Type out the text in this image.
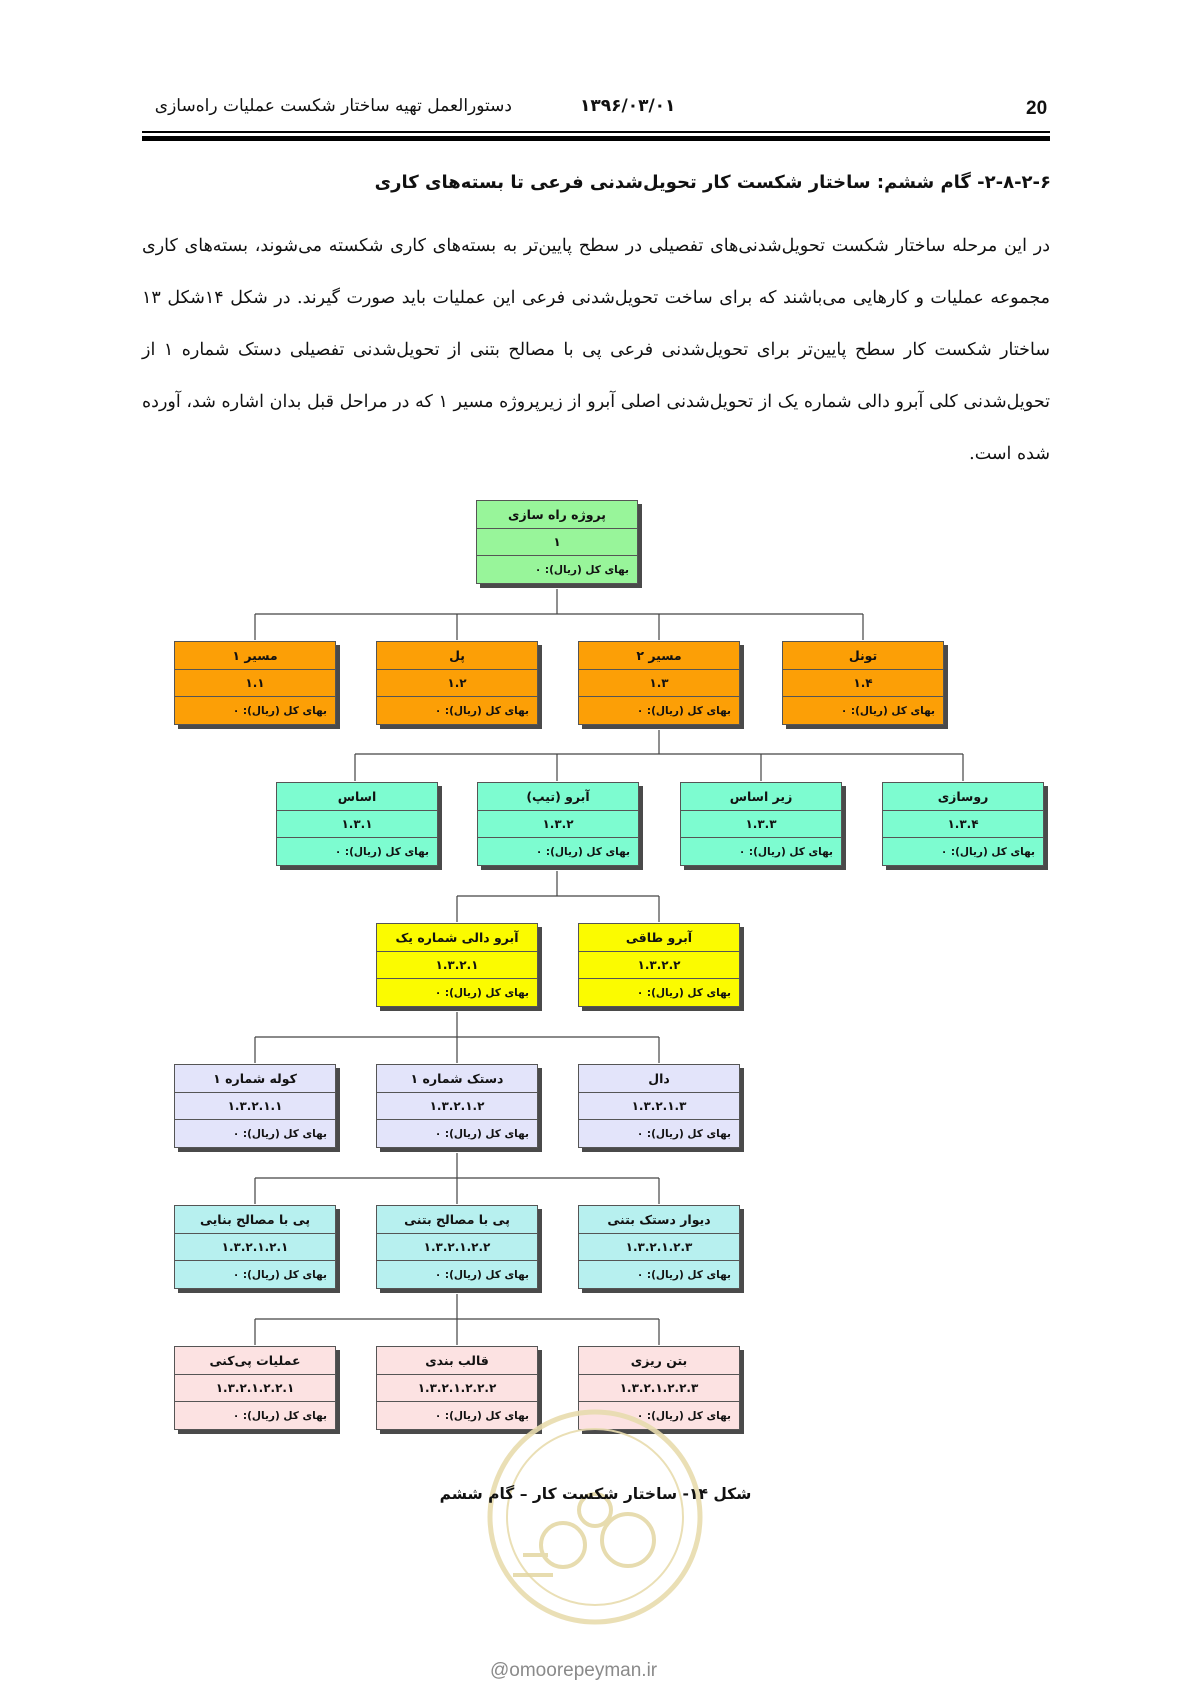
20
۱۳۹۶/۰۳/۰۱
دستورالعمل تهیه ساختار شکست عملیات راه‌سازی
۲-۸-۲-۶- گام ششم: ساختار شکست کار تحویل‌شدنی فرعی تا بسته‌های کاری

در این مرحله ساختار شکست تحویل‌شدنی‌های تفصیلی در سطح پایین‌تر به بسته‌های کاری شکسته می‌شوند، بسته‌های کاری مجموعه عملیات و کارهایی می‌باشند که برای ساخت تحویل‌شدنی فرعی این عملیات باید صورت گیرند. در شکل ۱۴شکل ۱۳ ساختار شکست کار سطح پایین‌تر برای تحویل‌شدنی فرعی پی با مصالح بتنی از تحویل‌شدنی تفصیلی دستک شماره ۱ از تحویل‌شدنی کلی آبرو دالی شماره یک از تحویل‌شدنی اصلی آبرو از زیرپروژه مسیر ۱ که در مراحل قبل بدان اشاره شد، آورده شده است.

پروژه راه سازی
۱
بهای کل (ریال): ۰
مسیر ۱
۱.۱
بهای کل (ریال): ۰
پل
۱.۲
بهای کل (ریال): ۰
مسیر ۲
۱.۳
بهای کل (ریال): ۰
تونل
۱.۴
بهای کل (ریال): ۰
اساس
۱.۳.۱
بهای کل (ریال): ۰
آبرو (تیپ)
۱.۳.۲
بهای کل (ریال): ۰
زیر اساس
۱.۳.۳
بهای کل (ریال): ۰
روسازی
۱.۳.۴
بهای کل (ریال): ۰
آبرو دالی شماره یک
۱.۳.۲.۱
بهای کل (ریال): ۰
آبرو طاقی
۱.۳.۲.۲
بهای کل (ریال): ۰
کوله شماره ۱
۱.۳.۲.۱.۱
بهای کل (ریال): ۰
دستک شماره ۱
۱.۳.۲.۱.۲
بهای کل (ریال): ۰
دال
۱.۳.۲.۱.۳
بهای کل (ریال): ۰
پی با مصالح بنایی
۱.۳.۲.۱.۲.۱
بهای کل (ریال): ۰
پی با مصالح بتنی
۱.۳.۲.۱.۲.۲
بهای کل (ریال): ۰
دیوار دستک بتنی
۱.۳.۲.۱.۲.۳
بهای کل (ریال): ۰
عملیات پی‌کنی
۱.۳.۲.۱.۲.۲.۱
بهای کل (ریال): ۰
قالب بندی
۱.۳.۲.۱.۲.۲.۲
بهای کل (ریال): ۰
بتن ریزی
۱.۳.۲.۱.۲.۲.۳
بهای کل (ریال): ۰
شکل ۱۴- ساختار شکست کار – گام ششم
@omoorepeyman.ir
